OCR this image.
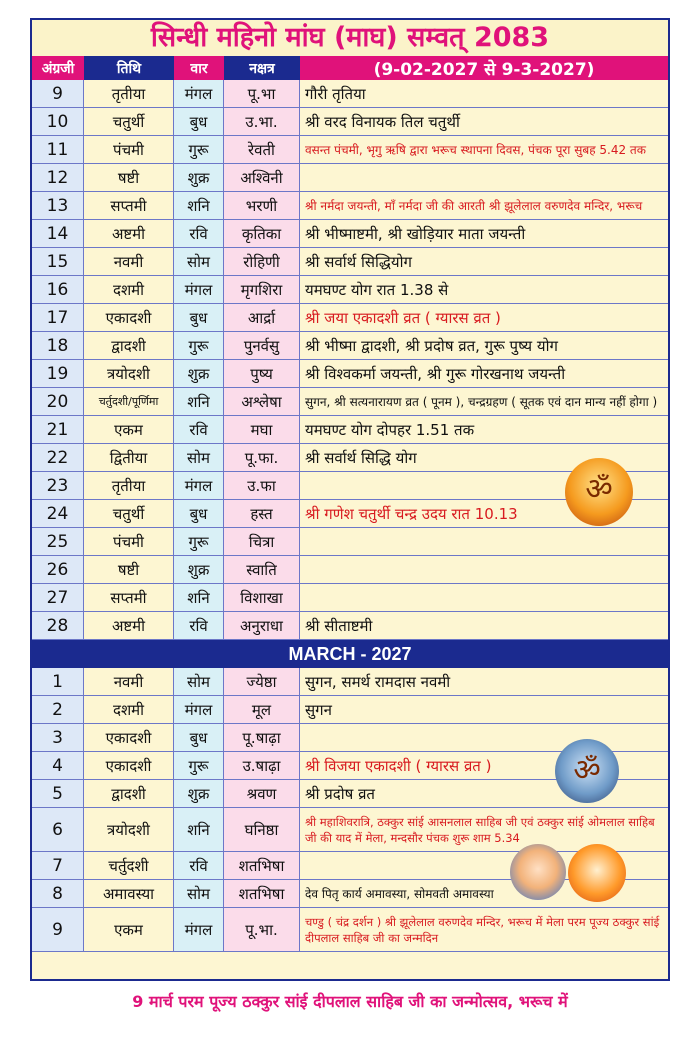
सिन्धी महिनो मांघ (माघ) सम्वत् 2083
अंग्रजी	तिथि	वार	नक्षत्र	(9-02-2027 से 9-3-2027)
9	तृतीया	मंगल	पू.भा	गौरी तृतिया
10	चतुर्थी	बुध	उ.भा.	श्री वरद विनायक तिल चतुर्थी
11	पंचमी	गुरू	रेवती	वसन्त पंचमी, भृगु ऋषि द्वारा भरूच स्थापना दिवस, पंचक पूरा सुबह 5.42 तक
12	षष्टी	शुक्र	अश्विनी
13	सप्तमी	शनि	भरणी	श्री नर्मदा जयन्ती, माँ नर्मदा जी की आरती श्री झूलेलाल वरुणदेव मन्दिर, भरूच
14	अष्टमी	रवि	कृतिका	श्री भीष्माष्टमी, श्री खोड़ियार माता जयन्ती
15	नवमी	सोम	रोहिणी	श्री सर्वार्थ सिद्धियोग
16	दशमी	मंगल	मृगशिरा	यमघण्ट योग रात 1.38 से
17	एकादशी	बुध	आर्द्रा	श्री जया एकादशी व्रत ( ग्यारस व्रत )
18	द्वादशी	गुरू	पुनर्वसु	श्री भीष्मा द्वादशी, श्री प्रदोष व्रत, गुरू पुष्य योग
19	त्रयोदशी	शुक्र	पुष्य	श्री विश्वकर्मा जयन्ती, श्री गुरू गोरखनाथ जयन्ती
20	चर्तुदशी/पूर्णिमा	शनि	अश्लेषा	सुगन, श्री सत्यनारायण व्रत ( पूनम ), चन्द्रग्रहण ( सूतक एवं दान मान्य नहीं होगा )
21	एकम	रवि	मघा	यमघण्ट योग दोपहर 1.51 तक
22	द्वितीया	सोम	पू.फा.	श्री सर्वार्थ सिद्धि योग
23	तृतीया	मंगल	उ.फा
24	चतुर्थी	बुध	हस्त	श्री गणेश चतुर्थी चन्द्र उदय रात 10.13
25	पंचमी	गुरू	चित्रा
26	षष्टी	शुक्र	स्वाति
27	सप्तमी	शनि	विशाखा
28	अष्टमी	रवि	अनुराधा	श्री सीताष्टमी
MARCH - 2027
1	नवमी	सोम	ज्येष्ठा	सुगन, समर्थ रामदास नवमी
2	दशमी	मंगल	मूल	सुगन
3	एकादशी	बुध	पू.षाढ़ा
4	एकादशी	गुरू	उ.षाढ़ा	श्री विजया एकादशी ( ग्यारस व्रत )
5	द्वादशी	शुक्र	श्रवण	श्री प्रदोष व्रत
6	त्रयोदशी	शनि	घनिष्ठा	श्री महाशिवरात्रि, ठक्कुर सांई आसनलाल साहिब जी एवं ठक्कुर सांई ओमलाल साहिब जी की याद में मेला, मन्दसौर पंचक शुरू शाम 5.34
7	चर्तुदशी	रवि	शतभिषा
8	अमावस्या	सोम	शतभिषा	देव पितृ कार्य अमावस्या, सोमवती अमावस्या
9	एकम	मंगल	पू.भा.	चण्डु ( चंद्र दर्शन ) श्री झूलेलाल वरुणदेव मन्दिर, भरूच में मेला परम पूज्य ठक्कुर सांई दीपलाल साहिब जी का जन्मदिन
ॐ
ॐ
9 मार्च परम पूज्य ठक्कुर सांई दीपलाल साहिब जी का जन्मोत्सव, भरूच में
